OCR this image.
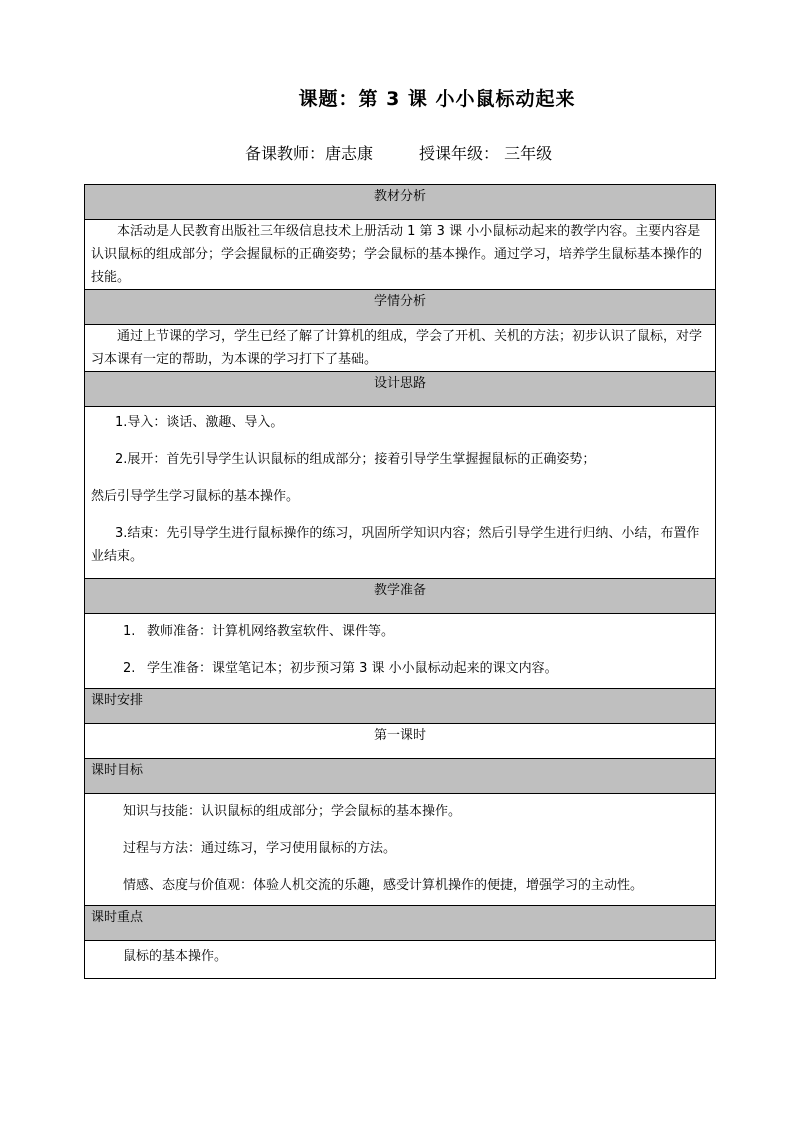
课题：第 3 课 小小鼠标动起来
备课教师：唐志康	授课年级： 三年级
教材分析

本活动是人民教育出版社三年级信息技术上册活动 1 第 3 课 小小鼠标动起来的教学内容。主要内容是认识鼠标的组成部分；学会握鼠标的正确姿势；学会鼠标的基本操作。通过学习，培养学生鼠标基本操作的技能。

学情分析

通过上节课的学习，学生已经了解了计算机的组成，学会了开机、关机的方法；初步认识了鼠标，对学习本课有一定的帮助，为本课的学习打下了基础。

设计思路

1.导入：谈话、激趣、导入。

2.展开：首先引导学生认识鼠标的组成部分；接着引导学生掌握握鼠标的正确姿势；

然后引导学生学习鼠标的基本操作。

3.结束：先引导学生进行鼠标操作的练习，巩固所学知识内容；然后引导学生进行归纳、小结，布置作业结束。

教学准备

1. 教师准备：计算机网络教室软件、课件等。

2. 学生准备：课堂笔记本；初步预习第 3 课 小小鼠标动起来的课文内容。

课时安排
第一课时
课时目标

知识与技能：认识鼠标的组成部分；学会鼠标的基本操作。

过程与方法：通过练习，学习使用鼠标的方法。

情感、态度与价值观：体验人机交流的乐趣，感受计算机操作的便捷，增强学习的主动性。

课时重点

鼠标的基本操作。
